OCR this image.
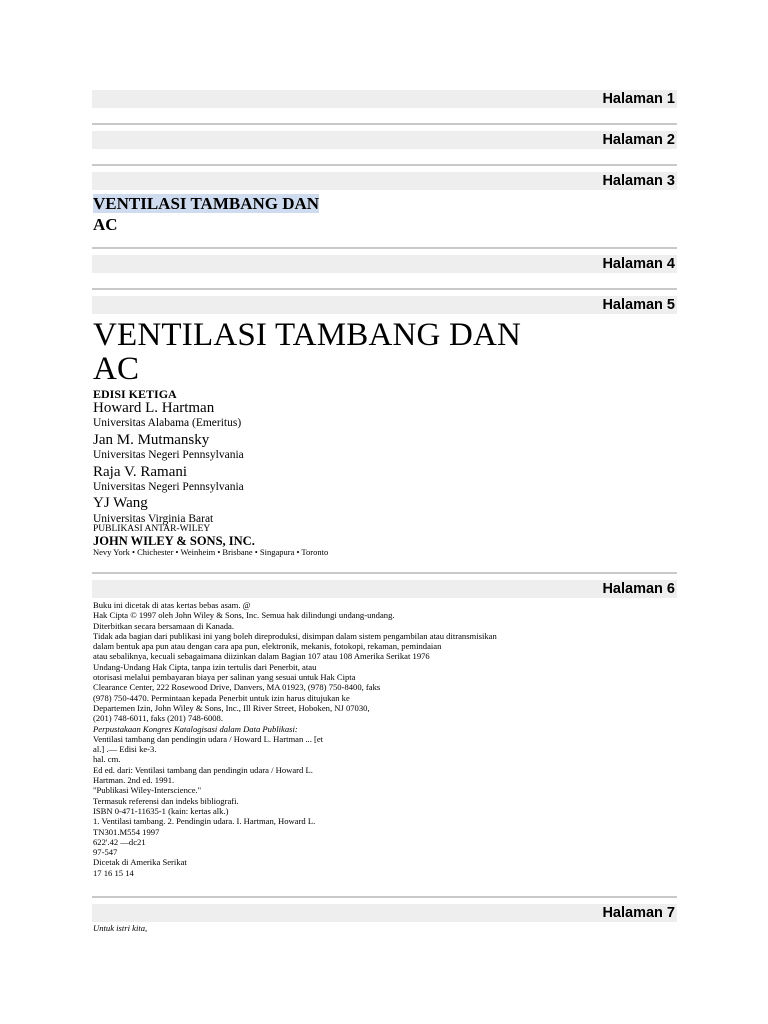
Halaman 1
Halaman 2
Halaman 3
VENTILASI TAMBANG DAN
AC
Halaman 4
Halaman 5
VENTILASI TAMBANG DAN
AC
EDISI KETIGA
Howard L. Hartman
Universitas Alabama (Emeritus)
Jan M. Mutmansky
Universitas Negeri Pennsylvania
Raja V. Ramani
Universitas Negeri Pennsylvania
YJ Wang
Universitas Virginia Barat
PUBLIKASI ANTAR-WILEY
JOHN WILEY & SONS, INC.
Nevy York • Chichester • Weinheim • Brisbane • Singapura • Toronto
Halaman 6
Buku ini dicetak di atas kertas bebas asam. @
Hak Cipta © 1997 oleh John Wiley & Sons, Inc. Semua hak dilindungi undang-undang.
Diterbitkan secara bersamaan di Kanada.
Tidak ada bagian dari publikasi ini yang boleh direproduksi, disimpan dalam sistem pengambilan atau ditransmisikan
dalam bentuk apa pun atau dengan cara apa pun, elektronik, mekanis, fotokopi, rekaman, pemindaian
atau sebaliknya, kecuali sebagaimana diizinkan dalam Bagian 107 atau 108 Amerika Serikat 1976
Undang-Undang Hak Cipta, tanpa izin tertulis dari Penerbit, atau
otorisasi melalui pembayaran biaya per salinan yang sesuai untuk Hak Cipta
Clearance Center, 222 Rosewood Drive, Danvers, MA 01923, (978) 750-8400, faks
(978) 750-4470. Permintaan kepada Penerbit untuk izin harus ditujukan ke
Departemen Izin, John Wiley & Sons, Inc., Ill River Street, Hoboken, NJ 07030,
(201) 748-6011, faks (201) 748-6008.
Perpustakaan Kongres Katalogisasi dalam Data Publikasi:
Ventilasi tambang dan pendingin udara / Howard L. Hartman ... [et
al.] .— Edisi ke-3.
hal. cm.
Ed ed. dari: Ventilasi tambang dan pendingin udara / Howard L.
Hartman. 2nd ed. 1991.
"Publikasi Wiley-Interscience."
Termasuk referensi dan indeks bibliografi.
ISBN 0-471-11635-1 (kain: kertas alk.)
1. Ventilasi tambang. 2. Pendingin udara. I. Hartman, Howard L.
TN301.M554 1997
622'.42 —dc21
97-547
Dicetak di Amerika Serikat
17 16 15 14
Halaman 7
Untuk istri kita,
